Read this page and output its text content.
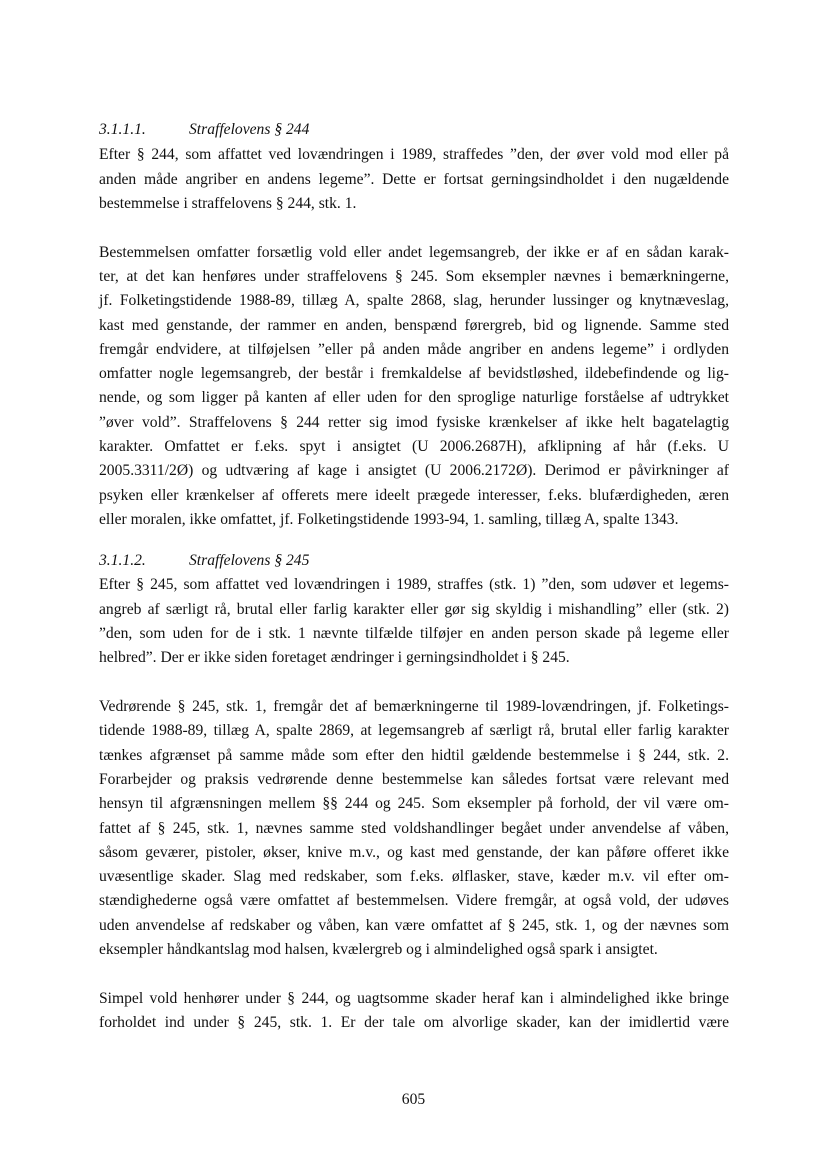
3.1.1.1.	Straffelovens § 244
Efter § 244, som affattet ved lovændringen i 1989, straffedes ”den, der øver vold mod eller på
anden måde angriber en andens legeme”. Dette er fortsat gerningsindholdet i den nugældende
bestemmelse i straffelovens § 244, stk. 1.
Bestemmelsen omfatter forsætlig vold eller andet legemsangreb, der ikke er af en sådan karak-
ter, at det kan henføres under straffelovens § 245. Som eksempler nævnes i bemærkningerne,
jf. Folketingstidende 1988-89, tillæg A, spalte 2868, slag, herunder lussinger og knytnæveslag,
kast med genstande, der rammer en anden, benspænd førergreb, bid og lignende. Samme sted
fremgår endvidere, at tilføjelsen ”eller på anden måde angriber en andens legeme” i ordlyden
omfatter nogle legemsangreb, der består i fremkaldelse af bevidstløshed, ildebefindende og lig-
nende, og som ligger på kanten af eller uden for den sproglige naturlige forståelse af udtrykket
”øver vold”. Straffelovens § 244 retter sig imod fysiske krænkelser af ikke helt bagatelagtig
karakter. Omfattet er f.eks. spyt i ansigtet (U 2006.2687H), afklipning af hår (f.eks. U
2005.3311/2Ø) og udtværing af kage i ansigtet (U 2006.2172Ø). Derimod er påvirkninger af
psyken eller krænkelser af offerets mere ideelt prægede interesser, f.eks. blufærdigheden, æren
eller moralen, ikke omfattet, jf. Folketingstidende 1993-94, 1. samling, tillæg A, spalte 1343.
3.1.1.2.	Straffelovens § 245
Efter § 245, som affattet ved lovændringen i 1989, straffes (stk. 1) ”den, som udøver et legems-
angreb af særligt rå, brutal eller farlig karakter eller gør sig skyldig i mishandling” eller (stk. 2)
”den, som uden for de i stk. 1 nævnte tilfælde tilføjer en anden person skade på legeme eller
helbred”. Der er ikke siden foretaget ændringer i gerningsindholdet i § 245.
Vedrørende § 245, stk. 1, fremgår det af bemærkningerne til 1989-lovændringen, jf. Folketings-
tidende 1988-89, tillæg A, spalte 2869, at legemsangreb af særligt rå, brutal eller farlig karakter
tænkes afgrænset på samme måde som efter den hidtil gældende bestemmelse i § 244, stk. 2.
Forarbejder og praksis vedrørende denne bestemmelse kan således fortsat være relevant med
hensyn til afgrænsningen mellem §§ 244 og 245. Som eksempler på forhold, der vil være om-
fattet af § 245, stk. 1, nævnes samme sted voldshandlinger begået under anvendelse af våben,
såsom geværer, pistoler, økser, knive m.v., og kast med genstande, der kan påføre offeret ikke
uvæsentlige skader. Slag med redskaber, som f.eks. ølflasker, stave, kæder m.v. vil efter om-
stændighederne også være omfattet af bestemmelsen. Videre fremgår, at også vold, der udøves
uden anvendelse af redskaber og våben, kan være omfattet af § 245, stk. 1, og der nævnes som
eksempler håndkantslag mod halsen, kvælergreb og i almindelighed også spark i ansigtet.
Simpel vold henhører under § 244, og uagtsomme skader heraf kan i almindelighed ikke bringe
forholdet ind under § 245, stk. 1. Er der tale om alvorlige skader, kan der imidlertid være
605
